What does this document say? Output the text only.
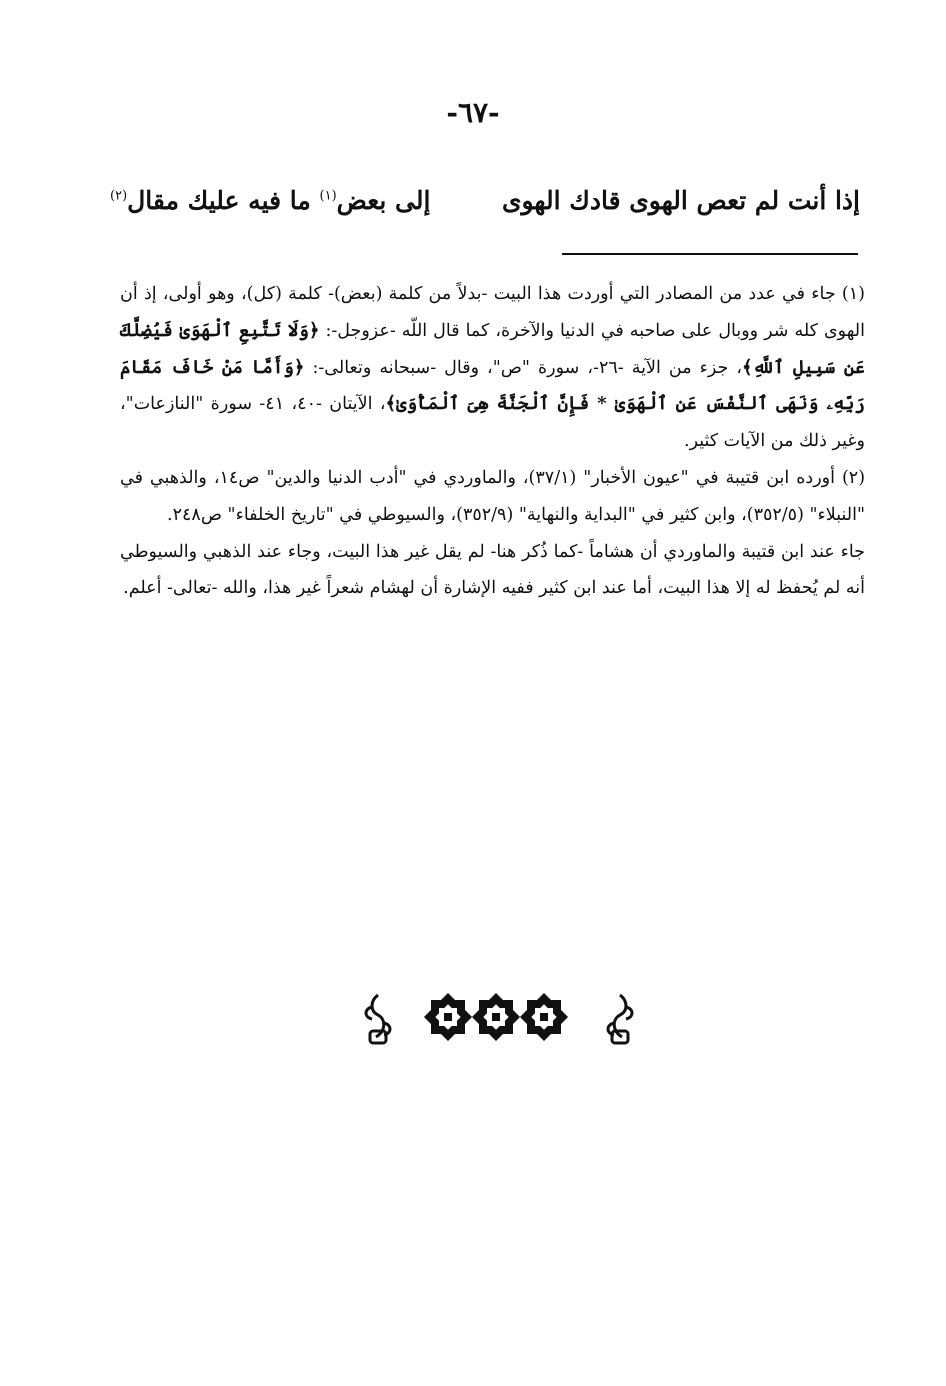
-٦٧-
إذا أنت لم تعص الهوى قادك الهوى
إلى بعض$^{(١)}$ ما فيه عليك مقال$^{(٢)}$

(١) جاء في عدد من المصادر التي أوردت هذا البيت -بدلاً من كلمة (بعض)- كلمة (كل)، وهو أولى، إذ أن الهوى كله شر ووبال على صاحبه في الدنيا والآخرة، كما قال اللّه -عزوجل-: ﴿وَلَا تَتَّبِعِ ٱلْهَوَىٰ فَيُضِلَّكَ عَن سَبِيلِ ٱللَّهِ﴾، جزء من الآية -٢٦-، سورة "ص"، وقال -سبحانه وتعالى-: ﴿وَأَمَّا مَنْ خَافَ مَقَامَ رَبِّهِۦ وَنَهَى ٱلنَّفْسَ عَنِ ٱلْهَوَىٰ * فَإِنَّ ٱلْجَنَّةَ هِىَ ٱلْمَأْوَىٰ﴾، الآيتان -٤٠، ٤١- سورة "النازعات"، وغير ذلك من الآيات كثير.

(٢) أورده ابن قتيبة في "عيون الأخبار" (٣٧/١)، والماوردي في "أدب الدنيا والدين" ص١٤، والذهبي في "النبلاء" (٣٥٢/٥)، وابن كثير في "البداية والنهاية" (٣٥٢/٩)، والسيوطي في "تاريخ الخلفاء" ص٢٤٨.

جاء عند ابن قتيبة والماوردي أن هشاماً -كما ذُكر هنا- لم يقل غير هذا البيت، وجاء عند الذهبي والسيوطي أنه لم يُحفظ له إلا هذا البيت، أما عند ابن كثير ففيه الإشارة أن لهشام شعراً غير هذا، والله -تعالى- أعلم.
